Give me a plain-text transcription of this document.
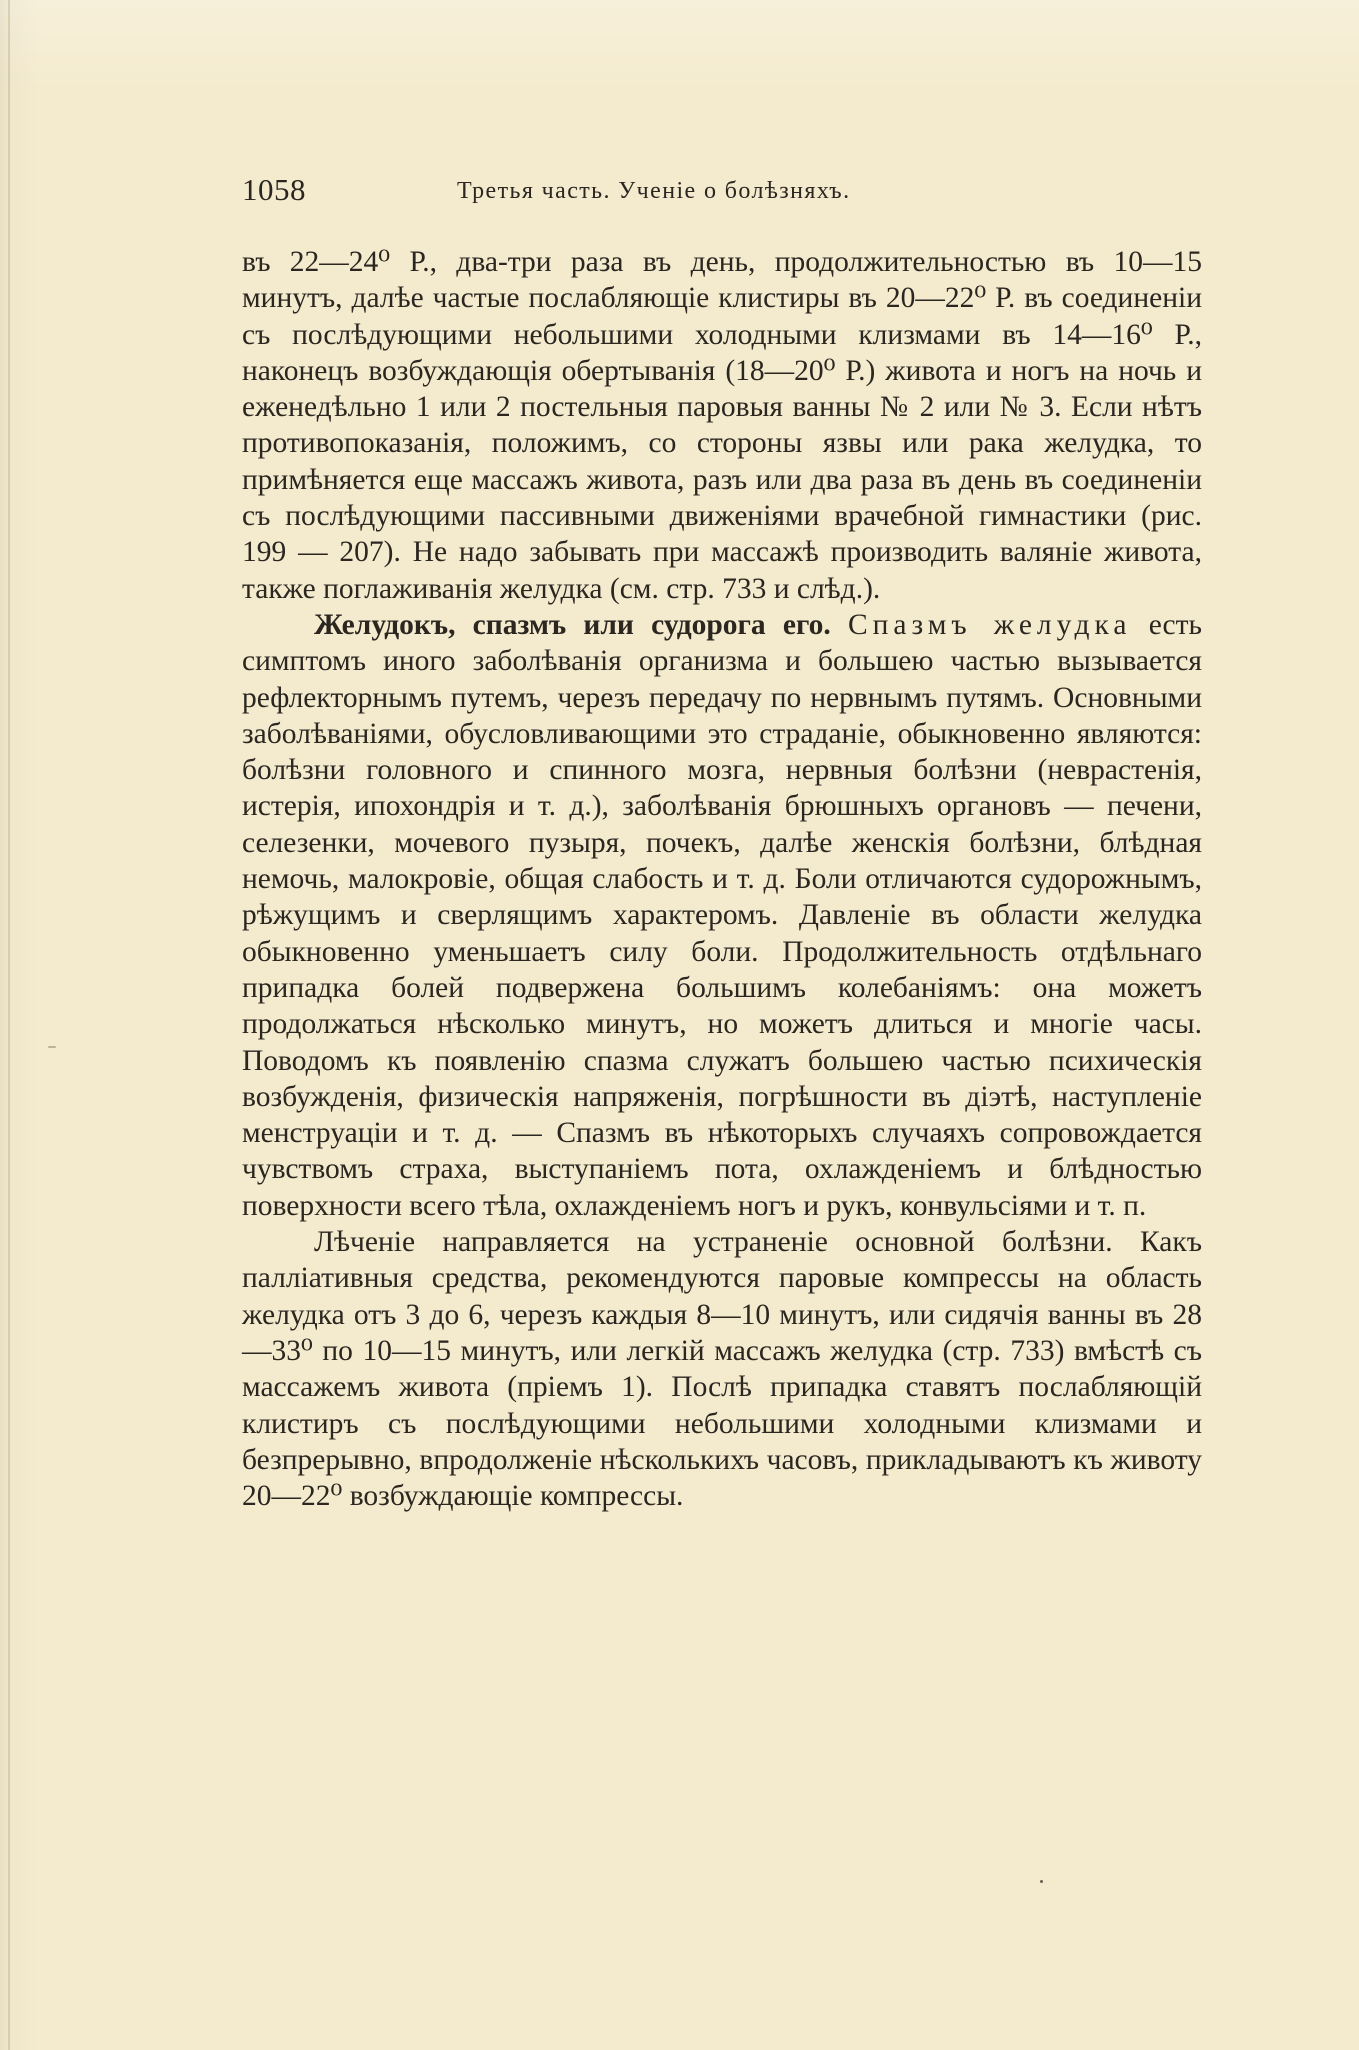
1058	Третья часть. Ученіе о болѣзняхъ.

въ 22—24⁰ Р., два-три раза въ день, продолжительностью въ 10—15 минутъ, далѣе частые послабляющіе клистиры въ 20—22⁰ Р. въ соединеніи съ послѣдующими небольшими холодными клизмами въ 14—16⁰ Р., наконецъ возбуждающія обертыванія (18—20⁰ Р.) живота и ногъ на ночь и еженедѣльно 1 или 2 постельныя паровыя ванны № 2 или № 3. Если нѣтъ противопоказанія, положимъ, со стороны язвы или рака желудка, то примѣняется еще массажъ живота, разъ или два раза въ день въ соединеніи съ послѣдующими пассивными движеніями врачебной гимнастики (рис. 199 — 207). Не надо забывать при массажѣ производить валяніе живота, также поглаживанія желудка (см. стр. 733 и слѣд.).

Желудокъ, спазмъ или судорога его. Спазмъ желудка есть симптомъ иного заболѣванія организма и большею частью вызывается рефлекторнымъ путемъ, черезъ передачу по нервнымъ путямъ. Основными заболѣваніями, обусловливающими это страданіе, обыкновенно являются: болѣзни головного и спинного мозга, нервныя болѣзни (неврастенія, истерія, ипохондрія и т. д.), заболѣванія брюшныхъ органовъ — печени, селезенки, мочевого пузыря, почекъ, далѣе женскія болѣзни, блѣдная немочь, малокровіе, общая слабость и т. д. Боли отличаются судорожнымъ, рѣжущимъ и сверлящимъ характеромъ. Давленіе въ области желудка обыкновенно уменьшаетъ силу боли. Продолжительность отдѣльнаго припадка болей подвержена большимъ колебаніямъ: она можетъ продолжаться нѣсколько минутъ, но можетъ длиться и многіе часы. Поводомъ къ появленію спазма служатъ большею частью психическія возбужденія, физическія напряженія, погрѣшности въ діэтѣ, наступленіе менструаціи и т. д. — Спазмъ въ нѣкоторыхъ случаяхъ сопровождается чувствомъ страха, выступаніемъ пота, охлажденіемъ и блѣдностью поверхности всего тѣла, охлажденіемъ ногъ и рукъ, конвульсіями и т. п.

Лѣченіе направляется на устраненіе основной болѣзни. Какъ палліативныя средства, рекомендуются паровые компрессы на область желудка отъ 3 до 6, черезъ каждыя 8—10 минутъ, или сидячія ванны въ 28—33⁰ по 10—15 минутъ, или легкій массажъ желудка (стр. 733) вмѣстѣ съ массажемъ живота (пріемъ 1). Послѣ припадка ставятъ послабляющій клистиръ съ послѣдующими небольшими холодными клизмами и безпрерывно, впродолженіе нѣсколькихъ часовъ, прикладываютъ къ животу 20—22⁰ возбуждающіе компрессы.
